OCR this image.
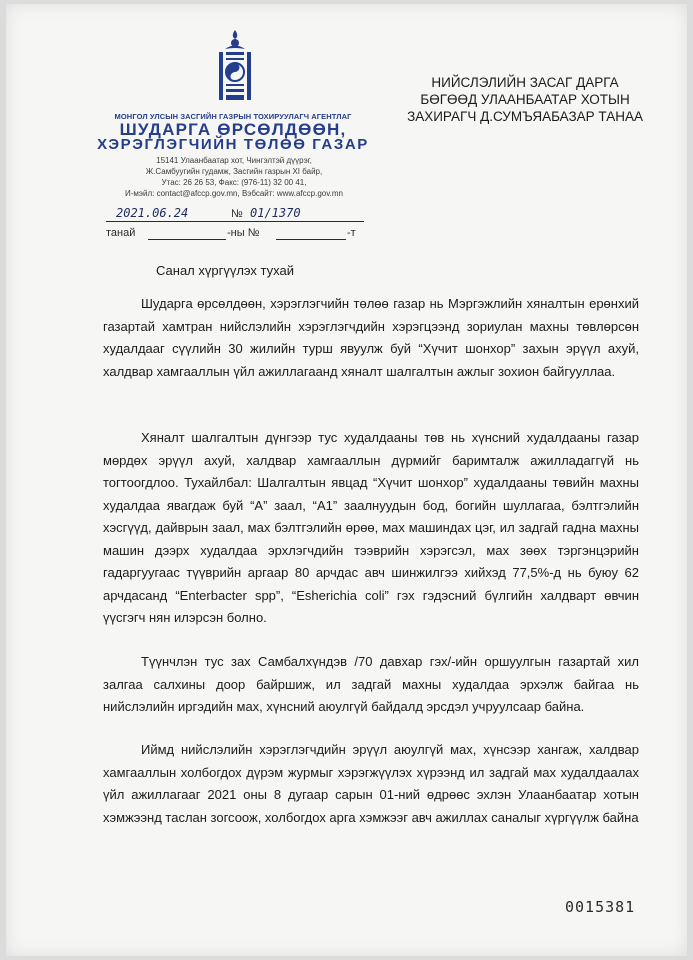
МОНГОЛ УЛСЫН ЗАСГИЙН ГАЗРЫН ТОХИРУУЛАГЧ АГЕНТЛАГ
ШУДАРГА ӨРСӨЛДӨӨН,
ХЭРЭГЛЭГЧИЙН ТӨЛӨӨ ГАЗАР
15141 Улаанбаатар хот, Чингэлтэй дүүрэг,
Ж.Самбуугийн гудамж, Засгийн газрын XI байр,
Утас: 26 26 53, Факс: (976-11) 32 00 41,
И-мэйл: contact@afccp.gov.mn, Вэбсайт: www.afccp.gov.mn
2021.06.24	№ 01/1370
танай	-ны №	-т
НИЙСЛЭЛИЙН ЗАСАГ ДАРГА
БӨГӨӨД УЛААНБААТАР ХОТЫН
ЗАХИРАГЧ Д.СУМЪЯАБАЗАР ТАНАА
Санал хүргүүлэх тухай

Шударга өрсөлдөөн, хэрэглэгчийн төлөө газар нь Мэргэжлийн хяналтын ерөнхий газартай хамтран нийслэлийн хэрэглэгчдийн хэрэгцээнд зориулан махны төвлөрсөн худалдааг сүүлийн 30 жилийн турш явуулж буй “Хүчит шонхор” захын эрүүл ахуй, халдвар хамгааллын үйл ажиллагаанд хяналт шалгалтын ажлыг зохион байгууллаа.

Хяналт шалгалтын дүнгээр тус худалдааны төв нь хүнсний худалдааны газар мөрдөх эрүүл ахуй, халдвар хамгааллын дүрмийг баримталж ажилладаггүй нь тогтоогдлоо. Тухайлбал: Шалгалтын явцад “Хүчит шонхор” худалдааны төвийн махны худалдаа явагдаж буй “А” заал, “А1” заалнуудын бод, богийн шуллагаа, бэлтгэлийн хэсгүүд, дайврын заал, мах бэлтгэлийн өрөө, мах машиндах цэг, ил задгай гадна махны машин дээрх худалдаа эрхлэгчдийн тээврийн хэрэгсэл, мах зөөх тэргэнцэрийн гадаргуугаас түүврийн аргаар 80 арчдас авч шинжилгээ хийхэд 77,5%-д нь буюу 62 арчдасанд “Enterbacter spp”, “Esherichia coli” гэх гэдэсний бүлгийн халдварт өвчин үүсгэгч нян илэрсэн болно.

Түүнчлэн тус зах Самбалхүндэв /70 давхар гэх/-ийн оршуулгын газартай хил залгаа салхины доор байршиж, ил задгай махны худалдаа эрхэлж байгаа нь нийслэлийн иргэдийн мах, хүнсний аюулгүй байдалд эрсдэл учруулсаар байна.

Иймд нийслэлийн хэрэглэгчдийн эрүүл аюулгүй мах, хүнсээр хангаж, халдвар хамгааллын холбогдох дүрэм журмыг хэрэгжүүлэх хүрээнд ил задгай мах худалдаалах үйл ажиллагааг 2021 оны 8 дугаар сарын 01-ний өдрөөс эхлэн Улаанбаатар хотын хэмжээнд таслан зогсоож, холбогдох арга хэмжээг авч ажиллах саналыг хүргүүлж байна

0015381
